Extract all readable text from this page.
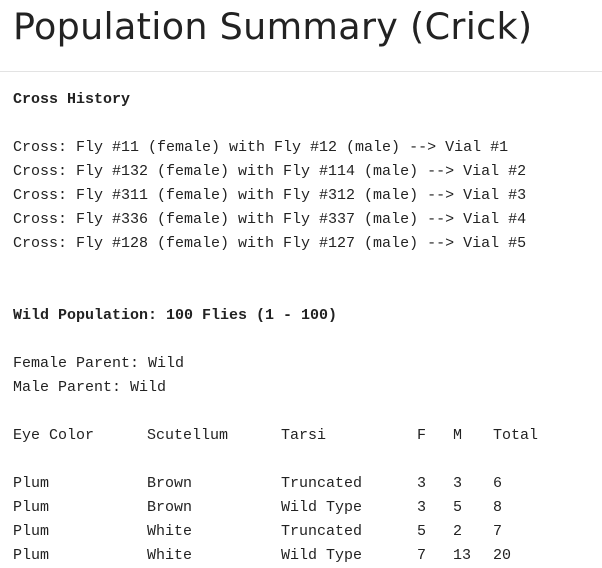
Population Summary (Crick)
Cross History
Cross: Fly #11 (female) with Fly #12 (male) --> Vial #1
Cross: Fly #132 (female) with Fly #114 (male) --> Vial #2
Cross: Fly #311 (female) with Fly #312 (male) --> Vial #3
Cross: Fly #336 (female) with Fly #337 (male) --> Vial #4
Cross: Fly #128 (female) with Fly #127 (male) --> Vial #5
Wild Population: 100 Flies (1 - 100)
Female Parent: Wild
Male Parent: Wild
Eye Color	Scutellum	Tarsi	F M Total
Plum	Brown	Truncated	3 3 6
Plum	Brown	Wild Type	3 5 8
Plum	White	Truncated	5 2 7
Plum	White	Wild Type	7 13 20
